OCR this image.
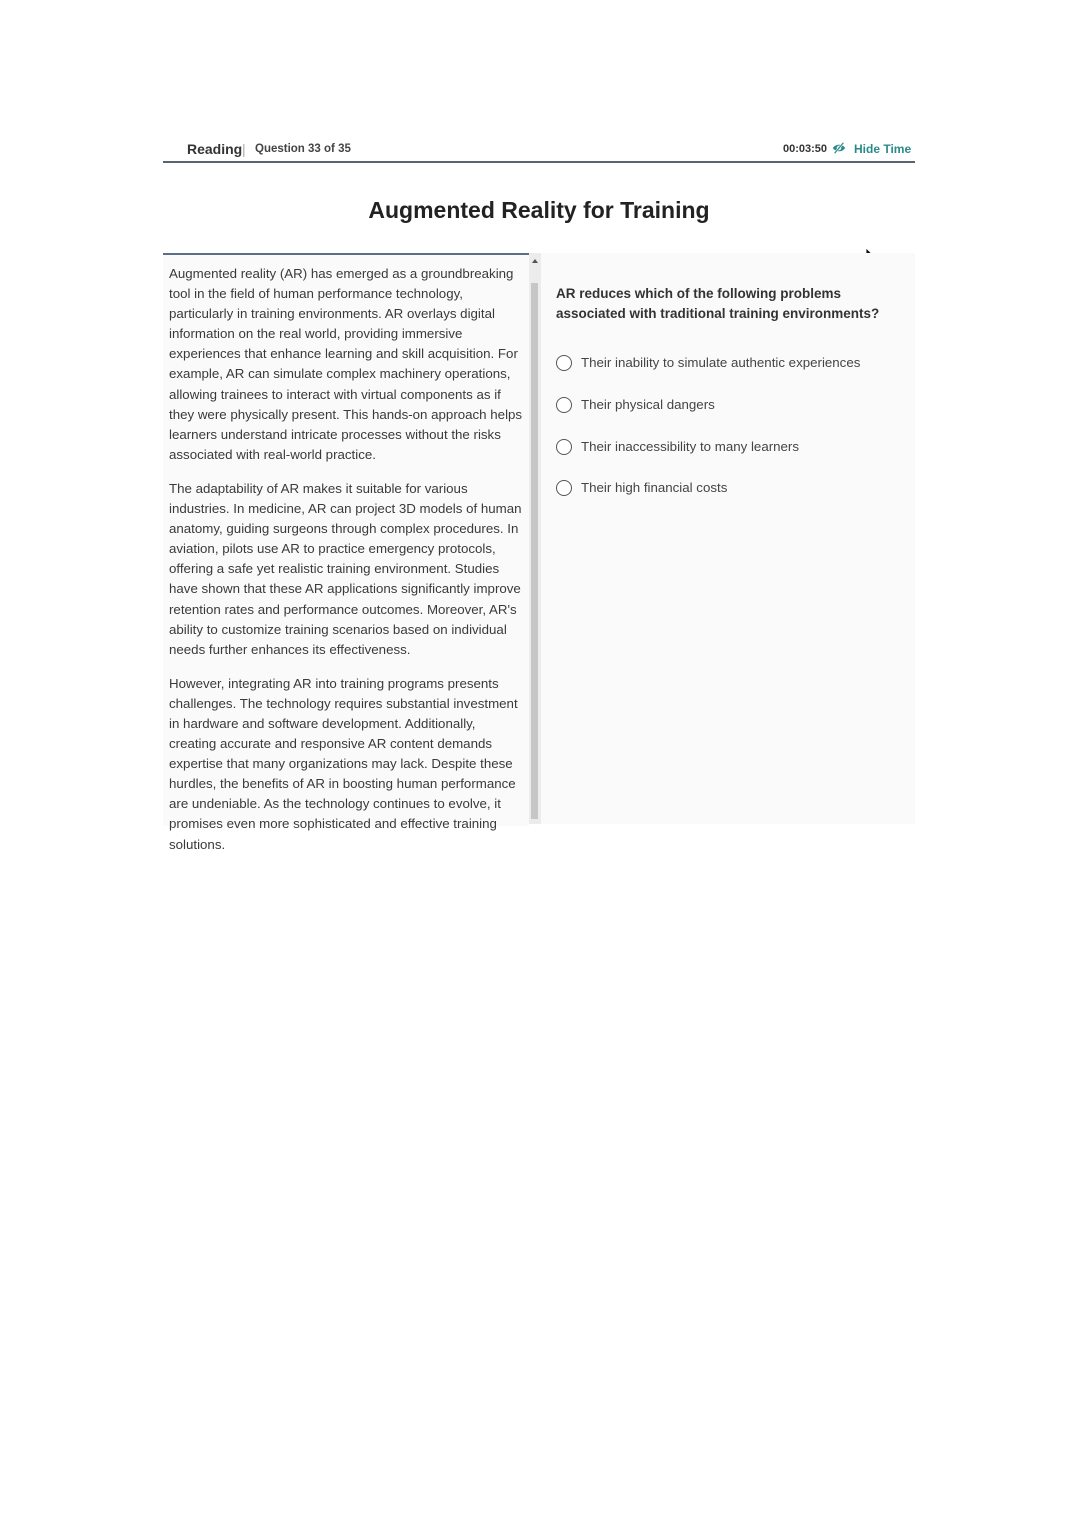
Reading | Question 33 of 35	00:03:50 Hide Time
Augmented Reality for Training

Augmented reality (AR) has emerged as a groundbreaking tool in the field of human performance technology, particularly in training environments. AR overlays digital information on the real world, providing immersive experiences that enhance learning and skill acquisition. For example, AR can simulate complex machinery operations, allowing trainees to interact with virtual components as if they were physically present. This hands-on approach helps learners understand intricate processes without the risks associated with real-world practice.

The adaptability of AR makes it suitable for various industries. In medicine, AR can project 3D models of human anatomy, guiding surgeons through complex procedures. In aviation, pilots use AR to practice emergency protocols, offering a safe yet realistic training environment. Studies have shown that these AR applications significantly improve retention rates and performance outcomes. Moreover, AR's ability to customize training scenarios based on individual needs further enhances its effectiveness.

However, integrating AR into training programs presents challenges. The technology requires substantial investment in hardware and software development. Additionally, creating accurate and responsive AR content demands expertise that many organizations may lack. Despite these hurdles, the benefits of AR in boosting human performance are undeniable. As the technology continues to evolve, it promises even more sophisticated and effective training solutions.

AR reduces which of the following problems associated with traditional training environments?

Their inability to simulate authentic experiences
Their physical dangers
Their inaccessibility to many learners
Their high financial costs
